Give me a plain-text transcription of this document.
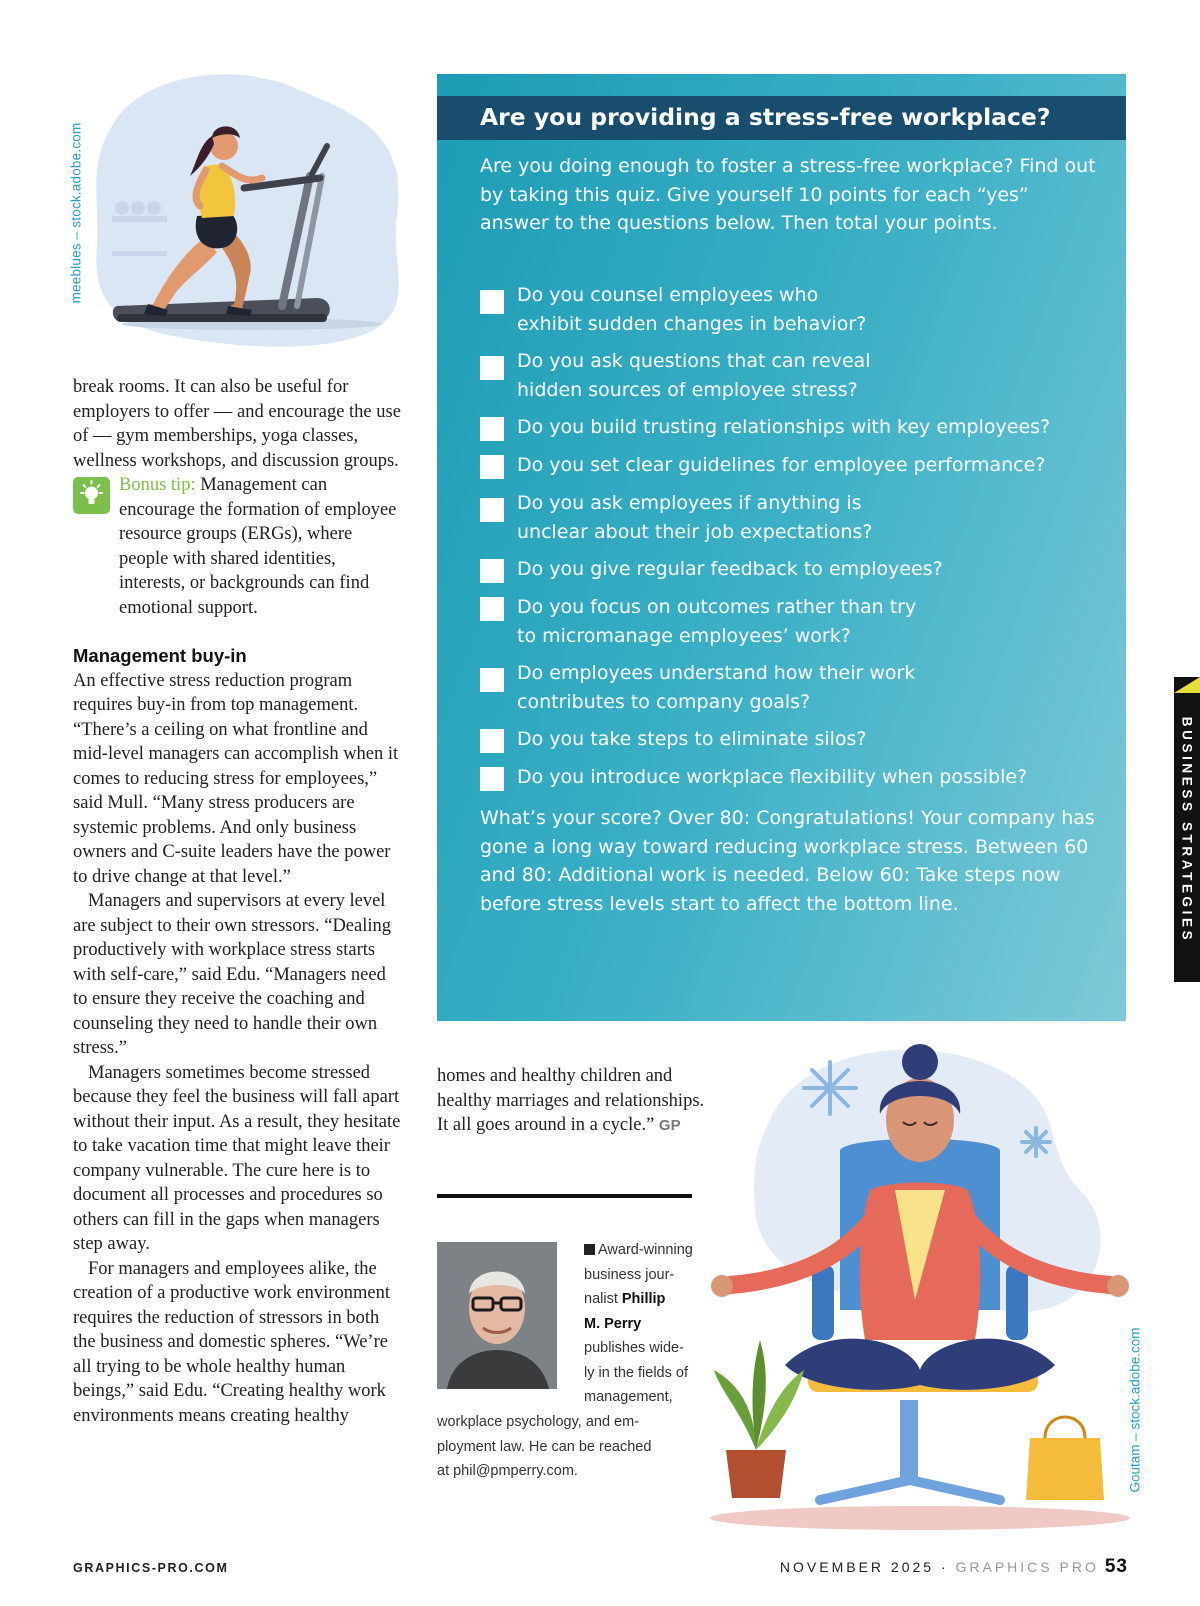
meeblues – stock.adobe.com

break rooms. It can also be useful for employers to offer — and encourage the use of — gym memberships, yoga classes, wellness workshops, and discussion groups.

Bonus tip: Management can encourage the formation of employee resource groups (ERGs), where people with shared identities, interests, or backgrounds can find emotional support.

Management buy-in

An effective stress reduction program requires buy-in from top management. “There’s a ceiling on what frontline and mid-level managers can accomplish when it comes to reducing stress for employees,” said Mull. “Many stress producers are systemic problems. And only business owners and C-suite leaders have the power to drive change at that level.”

Managers and supervisors at every level are subject to their own stressors. “Dealing productively with workplace stress starts with self-care,” said Edu. “Managers need to ensure they receive the coaching and counseling they need to handle their own stress.”

Managers sometimes become stressed because they feel the business will fall apart without their input. As a result, they hesitate to take vacation time that might leave their company vulnerable. The cure here is to document all processes and procedures so others can fill in the gaps when managers step away.

For managers and employees alike, the creation of a productive work environment requires the reduction of stressors in both the business and domestic spheres. “We’re all trying to be whole healthy human beings,” said Edu. “Creating healthy work environments means creating healthy

Are you providing a stress-free workplace?

Are you doing enough to foster a stress-free workplace? Find out by taking this quiz. Give yourself 10 points for each “yes” answer to the questions below. Then total your points.

Do you counsel employees who
exhibit sudden changes in behavior?
Do you ask questions that can reveal
hidden sources of employee stress?
Do you build trusting relationships with key employees?
Do you set clear guidelines for employee performance?
Do you ask employees if anything is
unclear about their job expectations?
Do you give regular feedback to employees?
Do you focus on outcomes rather than try
to micromanage employees’ work?
Do employees understand how their work
contributes to company goals?
Do you take steps to eliminate silos?
Do you introduce workplace flexibility when possible?

What’s your score? Over 80: Congratulations! Your company has gone a long way toward reducing workplace stress. Between 60 and 80: Additional work is needed. Below 60: Take steps now before stress levels start to affect the bottom line.

homes and healthy children and healthy marriages and relationships. It all goes around in a cycle.” GP

Award-winning
business jour-
nalist Phillip
M. Perry
publishes wide-
ly in the fields of
management,
workplace psychology, and em-
ployment law. He can be reached
at phil@pmperry.com.	Goutam – stock.adobe.com
BUSINESS STRATEGIES
GRAPHICS-PRO.COM	NOVEMBER 2025 · GRAPHICS PRO 53
